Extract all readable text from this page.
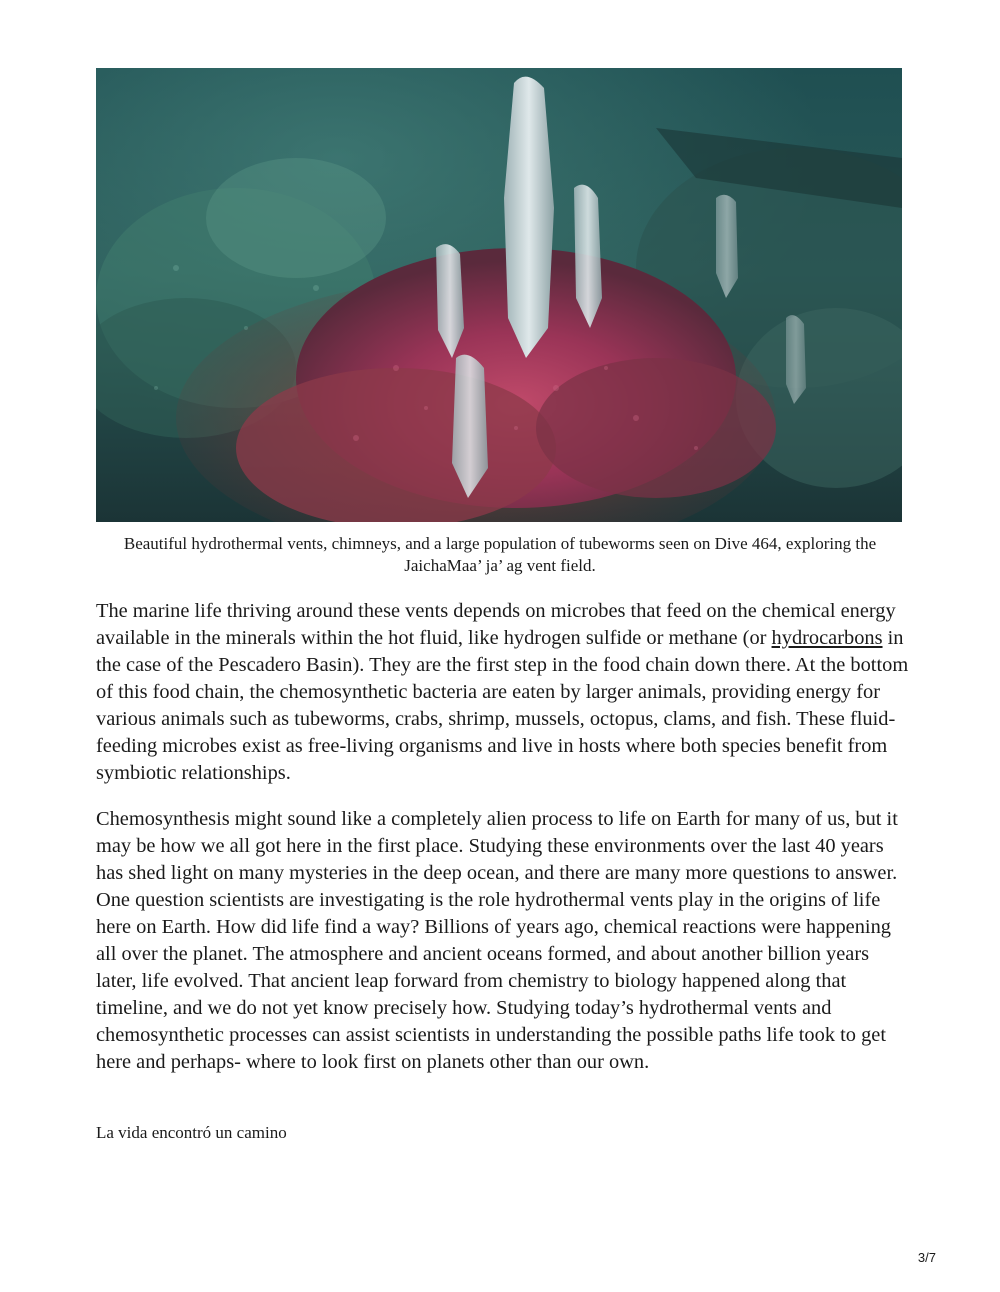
Beautiful hydrothermal vents, chimneys, and a large population of tubeworms seen on Dive 464, exploring the JaichaMaa’ ja’ ag vent field.

The marine life thriving around these vents depends on microbes that feed on the chemical energy available in the minerals within the hot fluid, like hydrogen sulfide or methane (or hydrocarbons in the case of the Pescadero Basin). They are the first step in the food chain down there. At the bottom of this food chain, the chemosynthetic bacteria are eaten by larger animals, providing energy for various animals such as tubeworms, crabs, shrimp, mussels, octopus, clams, and fish. These fluid-feeding microbes exist as free-living organisms and live in hosts where both species benefit from symbiotic relationships.

Chemosynthesis might sound like a completely alien process to life on Earth for many of us, but it may be how we all got here in the first place. Studying these environments over the last 40 years has shed light on many mysteries in the deep ocean, and there are many more questions to answer. One question scientists are investigating is the role hydrothermal vents play in the origins of life here on Earth. How did life find a way? Billions of years ago, chemical reactions were happening all over the planet. The atmosphere and ancient oceans formed, and about another billion years later, life evolved. That ancient leap forward from chemistry to biology happened along that timeline, and we do not yet know precisely how. Studying today’s hydrothermal vents and chemosynthetic processes can assist scientists in understanding the possible paths life took to get here and perhaps- where to look first on planets other than our own.

La vida encontró un camino

3/7
